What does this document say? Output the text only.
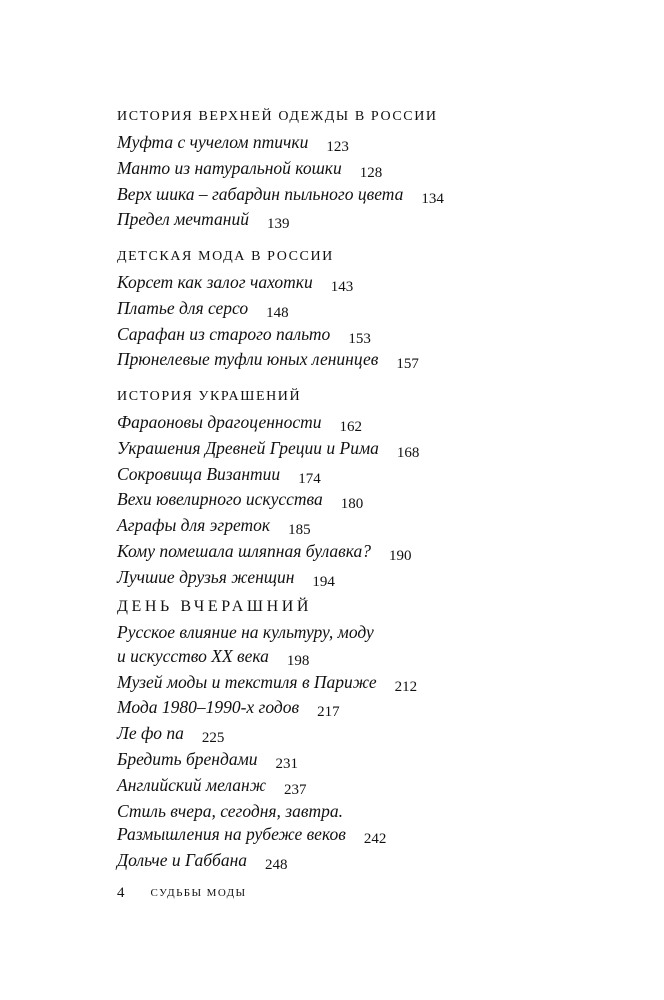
ИСТОРИЯ ВЕРХНЕЙ ОДЕЖДЫ В РОССИИ
Муфта с чучелом птички 123
Манто из натуральной кошки 128
Верх шика – габардин пыльного цвета 134
Предел мечтаний 139
ДЕТСКАЯ МОДА В РОССИИ
Корсет как залог чахотки 143
Платье для серсо 148
Сарафан из старого пальто 153
Прюнелевые туфли юных ленинцев 157
ИСТОРИЯ УКРАШЕНИЙ
Фараоновы драгоценности 162
Украшения Древней Греции и Рима 168
Сокровища Византии 174
Вехи ювелирного искусства 180
Аграфы для эгреток 185
Кому помешала шляпная булавка? 190
Лучшие друзья женщин 194
ДЕНЬ ВЧЕРАШНИЙ
Русское влияние на культуру, моду
и искусство XX века 198
Музей моды и текстиля в Париже 212
Мода 1980–1990-х годов 217
Ле фо па 225
Бредить брендами 231
Английский меланж 237
Стиль вчера, сегодня, завтра.
Размышления на рубеже веков 242
Дольче и Габбана 248
4 СУДЬБЫ МОДЫ
